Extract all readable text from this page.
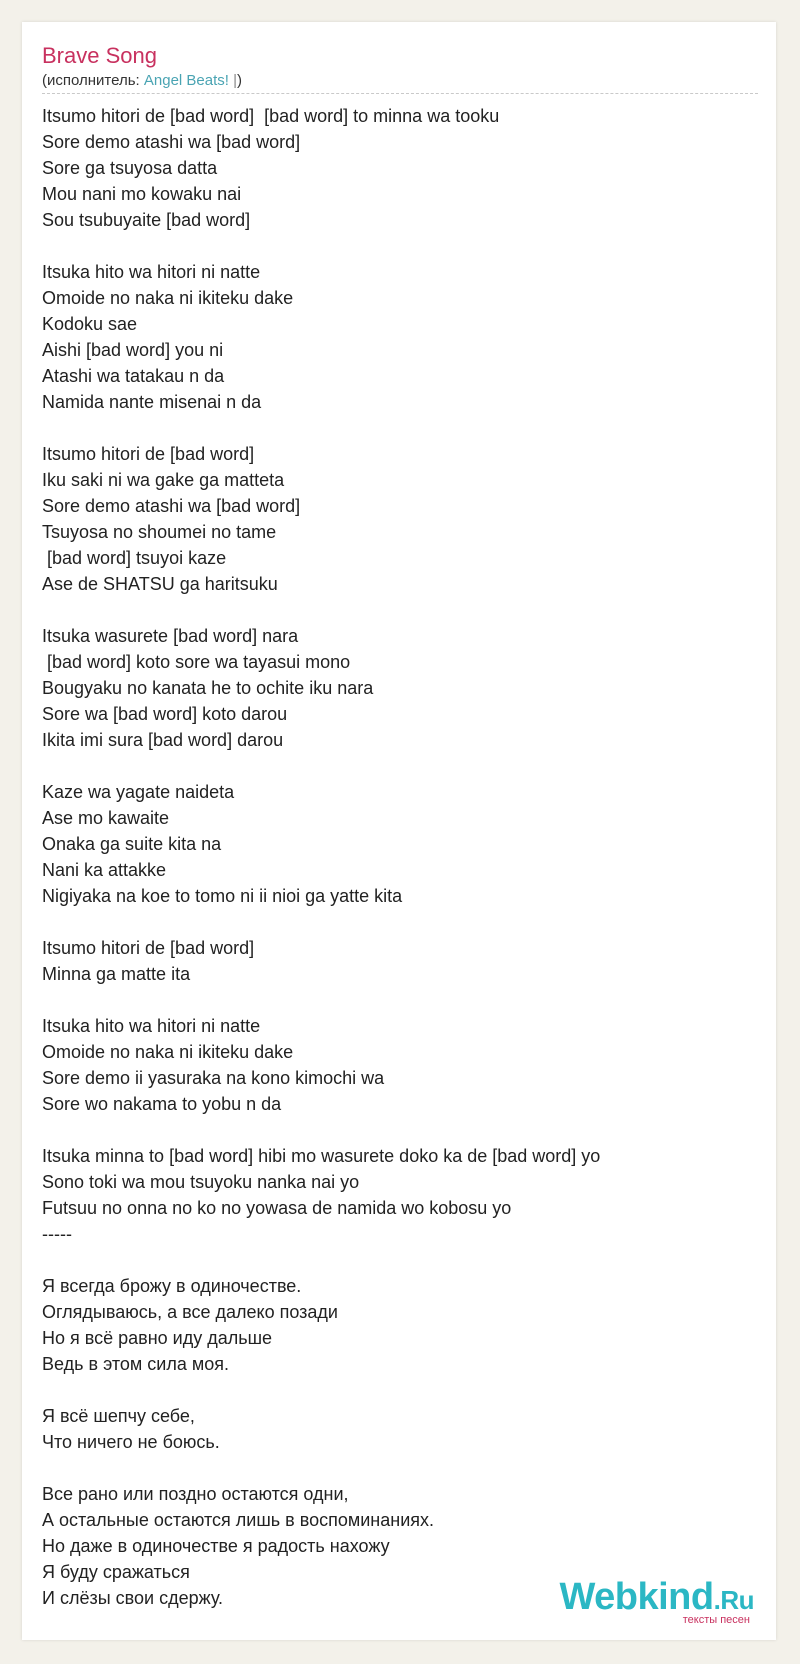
Brave Song
(исполнитель: Angel Beats! |)
Itsumo hitori de [bad word]  [bad word] to minna wa tooku
Sore demo atashi wa [bad word]
Sore ga tsuyosa datta
Mou nani mo kowaku nai
Sou tsubuyaite [bad word]
Itsuka hito wa hitori ni natte
Omoide no naka ni ikiteku dake
Kodoku sae
Aishi [bad word] you ni
Atashi wa tatakau n da
Namida nante misenai n da
Itsumo hitori de [bad word]
Iku saki ni wa gake ga matteta
Sore demo atashi wa [bad word]
Tsuyosa no shoumei no tame
[bad word] tsuyoi kaze
Ase de SHATSU ga haritsuku
Itsuka wasurete [bad word] nara
[bad word] koto sore wa tayasui mono
Bougyaku no kanata he to ochite iku nara
Sore wa [bad word] koto darou
Ikita imi sura [bad word] darou
Kaze wa yagate naideta
Ase mo kawaite
Onaka ga suite kita na
Nani ka attakke
Nigiyaka na koe to tomo ni ii nioi ga yatte kita
Itsumo hitori de [bad word]
Minna ga matte ita
Itsuka hito wa hitori ni natte
Omoide no naka ni ikiteku dake
Sore demo ii yasuraka na kono kimochi wa
Sore wo nakama to yobu n da
Itsuka minna to [bad word] hibi mo wasurete doko ka de [bad word] yo
Sono toki wa mou tsuyoku nanka nai yo
Futsuu no onna no ko no yowasa de namida wo kobosu yo
-----
Я всегда брожу в одиночестве.
Оглядываюсь, а все далеко позади
Но я всё равно иду дальше
Ведь в этом сила моя.
Я всё шепчу себе,
Что ничего не боюсь.
Все рано или поздно остаются одни,
А остальные остаются лишь в воспоминаниях.
Но даже в одиночестве я радость нахожу
Я буду сражаться
И слёзы свои сдержу.	Webkind.Ru
тексты песен
